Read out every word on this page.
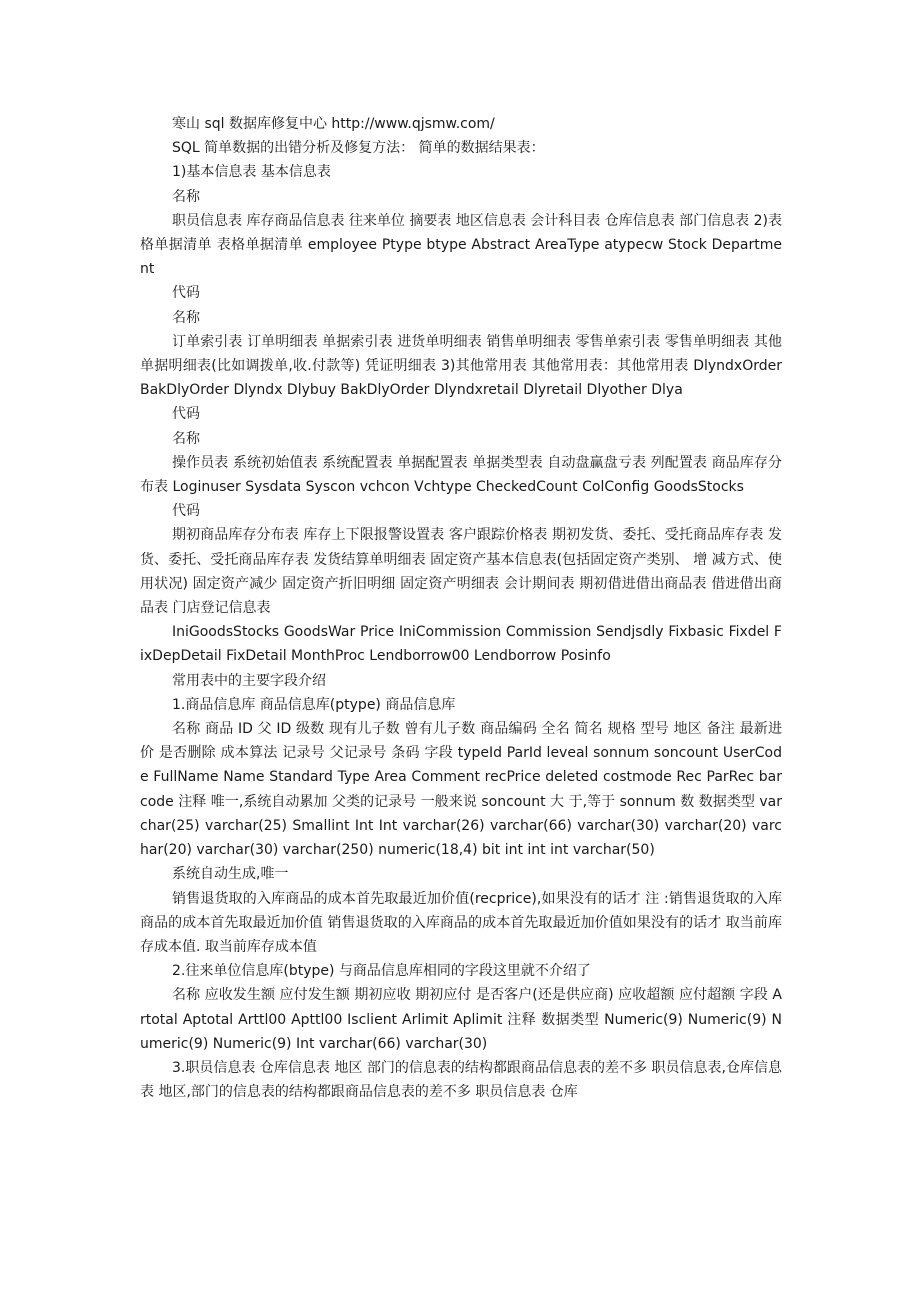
寒山 sql 数据库修复中心 http://www.qjsmw.com/

SQL 简单数据的出错分析及修复方法： 简单的数据结果表：

1)基本信息表 基本信息表

名称

职员信息表 库存商品信息表 往来单位 摘要表 地区信息表 会计科目表 仓库信息表 部门信息表 2)表格单据清单 表格单据清单 employee Ptype btype Abstract AreaType atypecw Stock Department

代码

名称

订单索引表 订单明细表 单据索引表 进货单明细表 销售单明细表 零售单索引表 零售单明细表 其他单据明细表(比如调拨单,收.付款等) 凭证明细表 3)其他常用表 其他常用表：其他常用表 DlyndxOrder BakDlyOrder Dlyndx Dlybuy BakDlyOrder Dlyndxretail Dlyretail Dlyother Dlya

代码

名称

操作员表 系统初始值表 系统配置表 单据配置表 单据类型表 自动盘赢盘亏表 列配置表 商品库存分布表 Loginuser Sysdata Syscon vchcon Vchtype CheckedCount ColConfig GoodsStocks

代码

期初商品库存分布表 库存上下限报警设置表 客户跟踪价格表 期初发货、委托、受托商品库存表 发货、委托、受托商品库存表 发货结算单明细表 固定资产基本信息表(包括固定资产类别、 增 减方式、使用状况) 固定资产减少 固定资产折旧明细 固定资产明细表 会计期间表 期初借进借出商品表 借进借出商品表 门店登记信息表

IniGoodsStocks GoodsWar Price IniCommission Commission Sendjsdly Fixbasic Fixdel FixDepDetail FixDetail MonthProc Lendborrow00 Lendborrow Posinfo

常用表中的主要字段介绍

1.商品信息库 商品信息库(ptype) 商品信息库

名称 商品 ID 父 ID 级数 现有儿子数 曾有儿子数 商品编码 全名 简名 规格 型号 地区 备注 最新进价 是否删除 成本算法 记录号 父记录号 条码 字段 typeId ParId leveal sonnum soncount UserCode FullName Name Standard Type Area Comment recPrice deleted costmode Rec ParRec barcode 注释 唯一,系统自动累加 父类的记录号 一般来说 soncount 大 于,等于 sonnum 数 数据类型 varchar(25) varchar(25) Smallint Int Int varchar(26) varchar(66) varchar(30) varchar(20) varchar(20) varchar(30) varchar(250) numeric(18,4) bit int int int varchar(50)

系统自动生成,唯一

销售退货取的入库商品的成本首先取最近加价值(recprice),如果没有的话才 注 :销售退货取的入库商品的成本首先取最近加价值 销售退货取的入库商品的成本首先取最近加价值如果没有的话才 取当前库存成本值. 取当前库存成本值

2.往来单位信息库(btype) 与商品信息库相同的字段这里就不介绍了

名称 应收发生额 应付发生额 期初应收 期初应付 是否客户(还是供应商) 应收超额 应付超额 字段 Artotal Aptotal Arttl00 Apttl00 Isclient Arlimit Aplimit 注释 数据类型 Numeric(9) Numeric(9) Numeric(9) Numeric(9) Int varchar(66) varchar(30)

3.职员信息表 仓库信息表 地区 部门的信息表的结构都跟商品信息表的差不多 职员信息表,仓库信息表 地区,部门的信息表的结构都跟商品信息表的差不多 职员信息表 仓库
